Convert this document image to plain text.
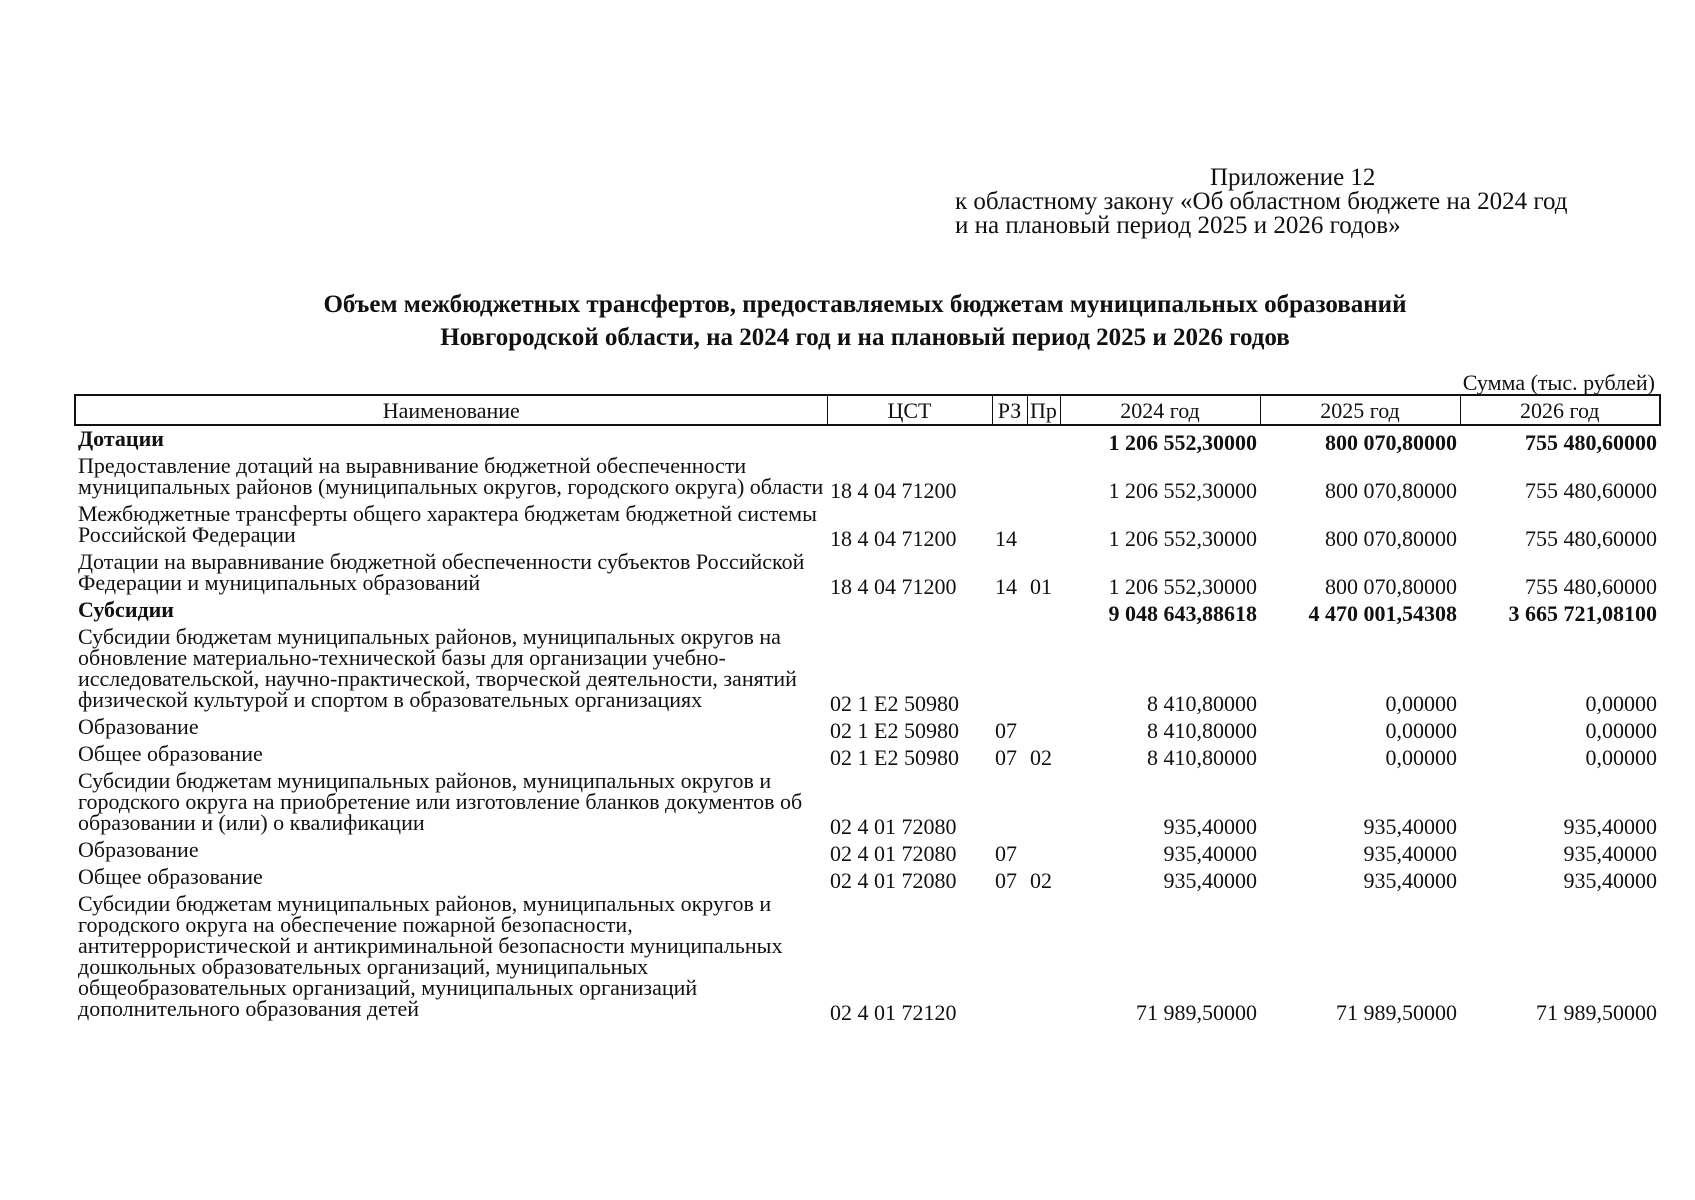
Приложение 12
к областному закону «Об областном бюджете на 2024 год
и на плановый период 2025 и 2026 годов»
Объем межбюджетных трансфертов, предоставляемых бюджетам муниципальных образований
Новгородской области, на 2024 год и на плановый период 2025 и 2026 годов
Сумма (тыс. рублей)
Наименование	ЦСТ	РЗ	Пр	2024 год	2025 год	2026 год
Дотации				1 206 552,30000	800 070,80000	755 480,60000
Предоставление дотаций на выравнивание бюджетной обеспеченности муниципальных районов (муниципальных округов, городского округа) области	18 4 04 71200			1 206 552,30000	800 070,80000	755 480,60000
Межбюджетные трансферты общего характера бюджетам бюджетной системы Российской Федерации	18 4 04 71200	14		1 206 552,30000	800 070,80000	755 480,60000
Дотации на выравнивание бюджетной обеспеченности субъектов Российской Федерации и муниципальных образований	18 4 04 71200	14	01	1 206 552,30000	800 070,80000	755 480,60000
Субсидии				9 048 643,88618	4 470 001,54308	3 665 721,08100
Субсидии бюджетам муниципальных районов, муниципальных округов на обновление материально-технической базы для организации учебно-исследовательской, научно-практической, творческой деятельности, занятий физической культурой и спортом в образовательных организациях	02 1 E2 50980			8 410,80000	0,00000	0,00000
Образование	02 1 E2 50980	07		8 410,80000	0,00000	0,00000
Общее образование	02 1 E2 50980	07	02	8 410,80000	0,00000	0,00000
Субсидии бюджетам муниципальных районов, муниципальных округов и городского округа на приобретение или изготовление бланков документов об образовании и (или) о квалификации	02 4 01 72080			935,40000	935,40000	935,40000
Образование	02 4 01 72080	07		935,40000	935,40000	935,40000
Общее образование	02 4 01 72080	07	02	935,40000	935,40000	935,40000
Субсидии бюджетам муниципальных районов, муниципальных округов и городского округа на обеспечение пожарной безопасности, антитеррористической и антикриминальной безопасности муниципальных дошкольных образовательных организаций, муниципальных общеобразовательных организаций, муниципальных организаций дополнительного образования детей	02 4 01 72120			71 989,50000	71 989,50000	71 989,50000
